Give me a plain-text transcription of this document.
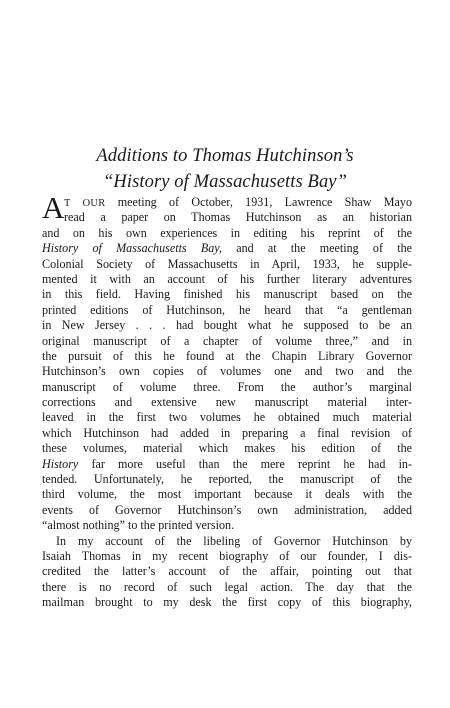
Additions to Thomas Hutchinson’s
“History of Massachusetts Bay”
A T OUR meeting of October, 1931, Lawrence Shaw Mayo
read a paper on Thomas Hutchinson as an historian
and on his own experiences in editing his reprint of the
History of Massachusetts Bay, and at the meeting of the
Colonial Society of Massachusetts in April, 1933, he supple-
mented it with an account of his further literary adventures
in this field. Having finished his manuscript based on the
printed editions of Hutchinson, he heard that “a gentleman
in New Jersey . . . had bought what he supposed to be an
original manuscript of a chapter of volume three,” and in
the pursuit of this he found at the Chapin Library Governor
Hutchinson’s own copies of volumes one and two and the
manuscript of volume three. From the author’s marginal
corrections and extensive new manuscript material inter-
leaved in the first two volumes he obtained much material
which Hutchinson had added in preparing a final revision of
these volumes, material which makes his edition of the
History far more useful than the mere reprint he had in-
tended. Unfortunately, he reported, the manuscript of the
third volume, the most important because it deals with the
events of Governor Hutchinson’s own administration, added
“almost nothing” to the printed version.
In my account of the libeling of Governor Hutchinson by
Isaiah Thomas in my recent biography of our founder, I dis-
credited the latter’s account of the affair, pointing out that
there is no record of such legal action. The day that the
mailman brought to my desk the first copy of this biography,
